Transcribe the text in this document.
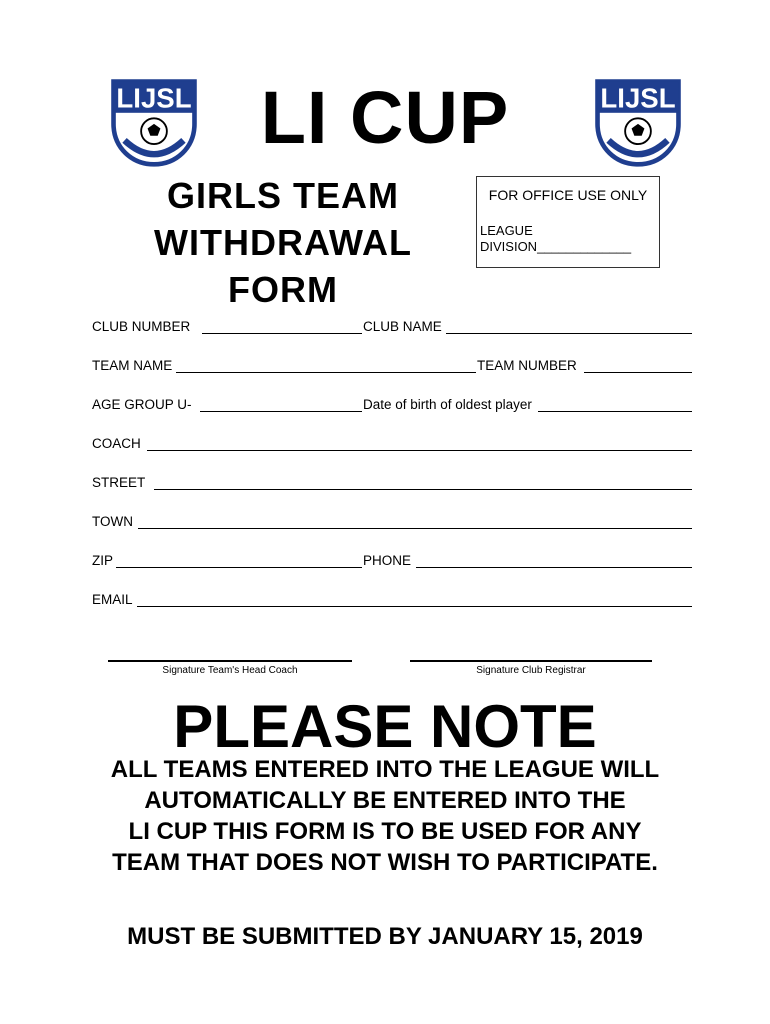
LIJSL	LIJSL
LI CUP
GIRLS TEAM
WITHDRAWAL
FORM
FOR OFFICE USE ONLY
LEAGUE
DIVISION_____________
CLUB NUMBER	CLUB NAME
TEAM NAME	TEAM NUMBER
AGE GROUP U-	Date of birth of oldest player
COACH
STREET
TOWN
ZIP	PHONE
EMAIL
Signature Team's Head Coach	Signature Club Registrar
PLEASE NOTE
ALL TEAMS ENTERED INTO THE LEAGUE WILL
AUTOMATICALLY BE ENTERED INTO THE
LI CUP THIS FORM IS TO BE USED FOR ANY
TEAM THAT DOES NOT WISH TO PARTICIPATE.
MUST BE SUBMITTED BY JANUARY 15, 2019
